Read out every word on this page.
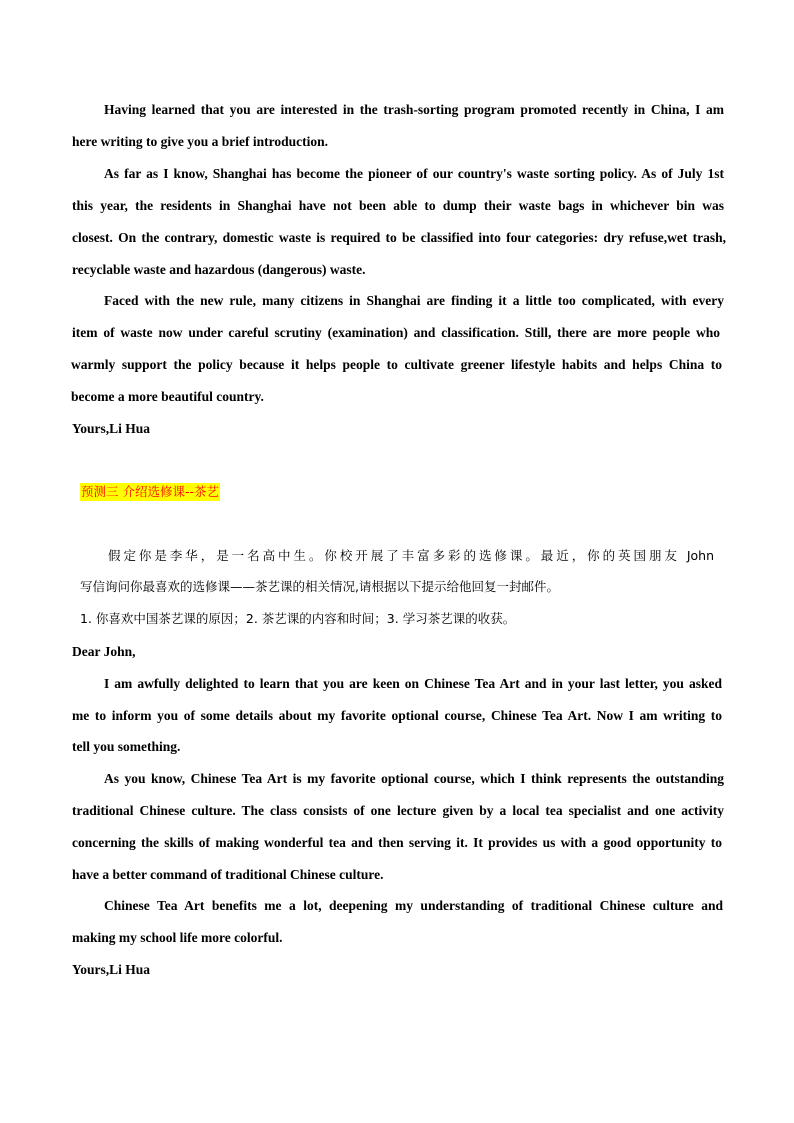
Having learned that you are interested in the trash-sorting program promoted recently in China, I am
here writing to give you a brief introduction.
As far as I know, Shanghai has become the pioneer of our country's waste sorting policy. As of July 1st
this year, the residents in Shanghai have not been able to dump their waste bags in whichever bin was
closest. On the contrary, domestic waste is required to be classified into four categories: dry refuse,wet trash,
recyclable waste and hazardous (dangerous) waste.
Faced with the new rule, many citizens in Shanghai are finding it a little too complicated, with every
item of waste now under careful scrutiny (examination) and classification. Still, there are more people who
warmly support the policy because it helps people to cultivate greener lifestyle habits and helps China to
become a more beautiful country.
Yours,Li Hua
预测三 介绍选修课--茶艺
假定你是李华，是一名高中生。你校开展了丰富多彩的选修课。最近，你的英国朋友 John
写信询问你最喜欢的选修课——茶艺课的相关情况,请根据以下提示给他回复一封邮件。
1. 你喜欢中国茶艺课的原因；2. 茶艺课的内容和时间；3. 学习茶艺课的收获。
Dear John,
I am awfully delighted to learn that you are keen on Chinese Tea Art and in your last letter, you asked
me to inform you of some details about my favorite optional course, Chinese Tea Art. Now I am writing to
tell you something.
As you know, Chinese Tea Art is my favorite optional course, which I think represents the outstanding
traditional Chinese culture. The class consists of one lecture given by a local tea specialist and one activity
concerning the skills of making wonderful tea and then serving it. It provides us with a good opportunity to
have a better command of traditional Chinese culture.
Chinese Tea Art benefits me a lot, deepening my understanding of traditional Chinese culture and
making my school life more colorful.
Yours,Li Hua
